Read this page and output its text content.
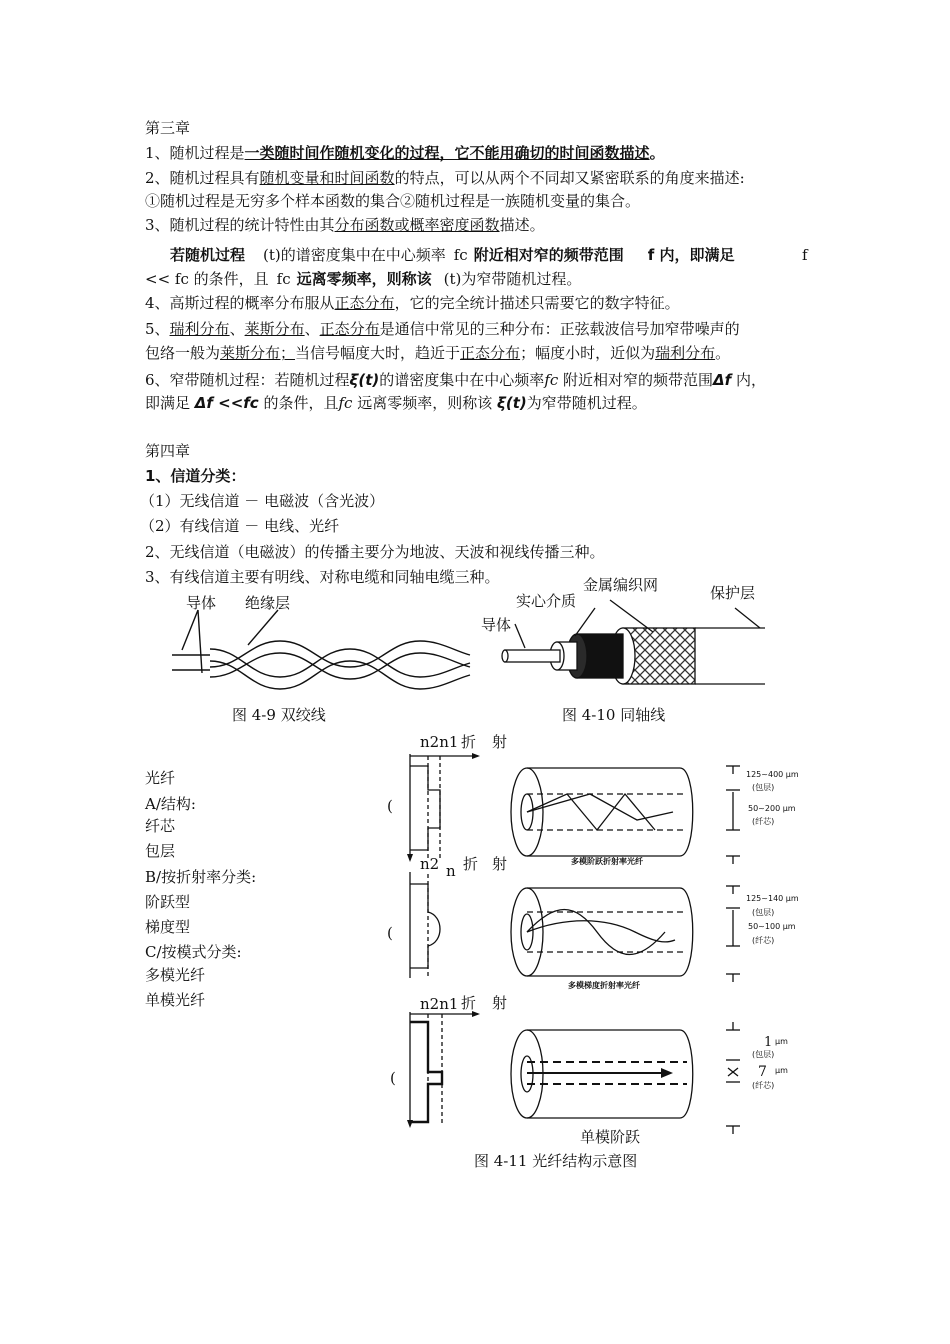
第三章
1、随机过程是一类随时间作随机变化的过程，它不能用确切的时间函数描述。
2、随机过程具有随机变量和时间函数的特点，可以从两个不同却又紧密联系的角度来描述:
①随机过程是无穷多个样本函数的集合②随机过程是一族随机变量的集合。
3、随机过程的统计特性由其分布函数或概率密度函数描述。
若随机过程 (t)的谱密度集中在中心频率 fc 附近相对窄的频带范围 f 内，即满足	f
<< fc 的条件，且 fc 远离零频率，则称该 (t)为窄带随机过程。
4、高斯过程的概率分布服从正态分布，它的完全统计描述只需要它的数字特征。
5、瑞利分布、莱斯分布、正态分布是通信中常见的三种分布：正弦载波信号加窄带噪声的
包络一般为莱斯分布；当信号幅度大时，趋近于正态分布；幅度小时，近似为瑞利分布。
6、窄带随机过程：若随机过程ξ(t)的谱密度集中在中心频率fc 附近相对窄的频带范围Δf 内，
即满足 Δf <<fc 的条件，且fc 远离零频率，则称该 ξ(t)为窄带随机过程。
第四章
1、信道分类：
（1）无线信道 － 电磁波（含光波）
（2）有线信道 － 电线、光纤
2、无线信道（电磁波）的传播主要分为地波、天波和视线传播三种。
3、有线信道主要有明线、对称电缆和同轴电缆三种。
导体 绝缘层
图 4-9 双绞线
金属编织网	保护层
实心介质
导体
图 4-10 同轴线
光纤
A/结构:
纤芯
包层
B/按折射率分类:
阶跃型
梯度型
C/按模式分类:
多模光纤
单模光纤
n2n1 折 射
(
n2 n 折 射
(
n2n1 折 射
(
多模阶跃折射率光纤
多模梯度折射率光纤
单模阶跃
125~400 μm
(包层)
50~200 μm
(纤芯)
125~140 μm
(包层)
50~100 μm
(纤芯)
1 μm
(包层)
7 μm
(纤芯)
图 4-11 光纤结构示意图
